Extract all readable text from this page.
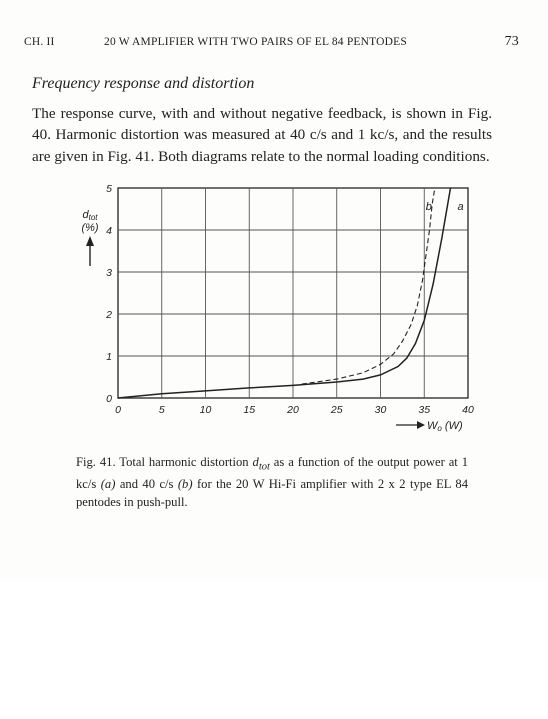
CH. II	20 W AMPLIFIER WITH TWO PAIRS OF EL 84 PENTODES	73
Frequency response and distortion
The response curve, with and without negative feedback, is shown in Fig. 40. Harmonic distortion was measured at 40 c/s and 1 kc/s, and the results are given in Fig. 41. Both diagrams relate to the normal loading conditions.
0	5	10	15	20	25	30	35	40
0
1
2
3
4
5
a
b
dtot
(%)
Wo (W)
Fig. 41. Total harmonic distortion $d_{tot}$ as a function of the output power at 1 kc/s (a) and 40 c/s (b) for the 20 W Hi-Fi amplifier with 2 x 2 type EL 84 pentodes in push-pull.
